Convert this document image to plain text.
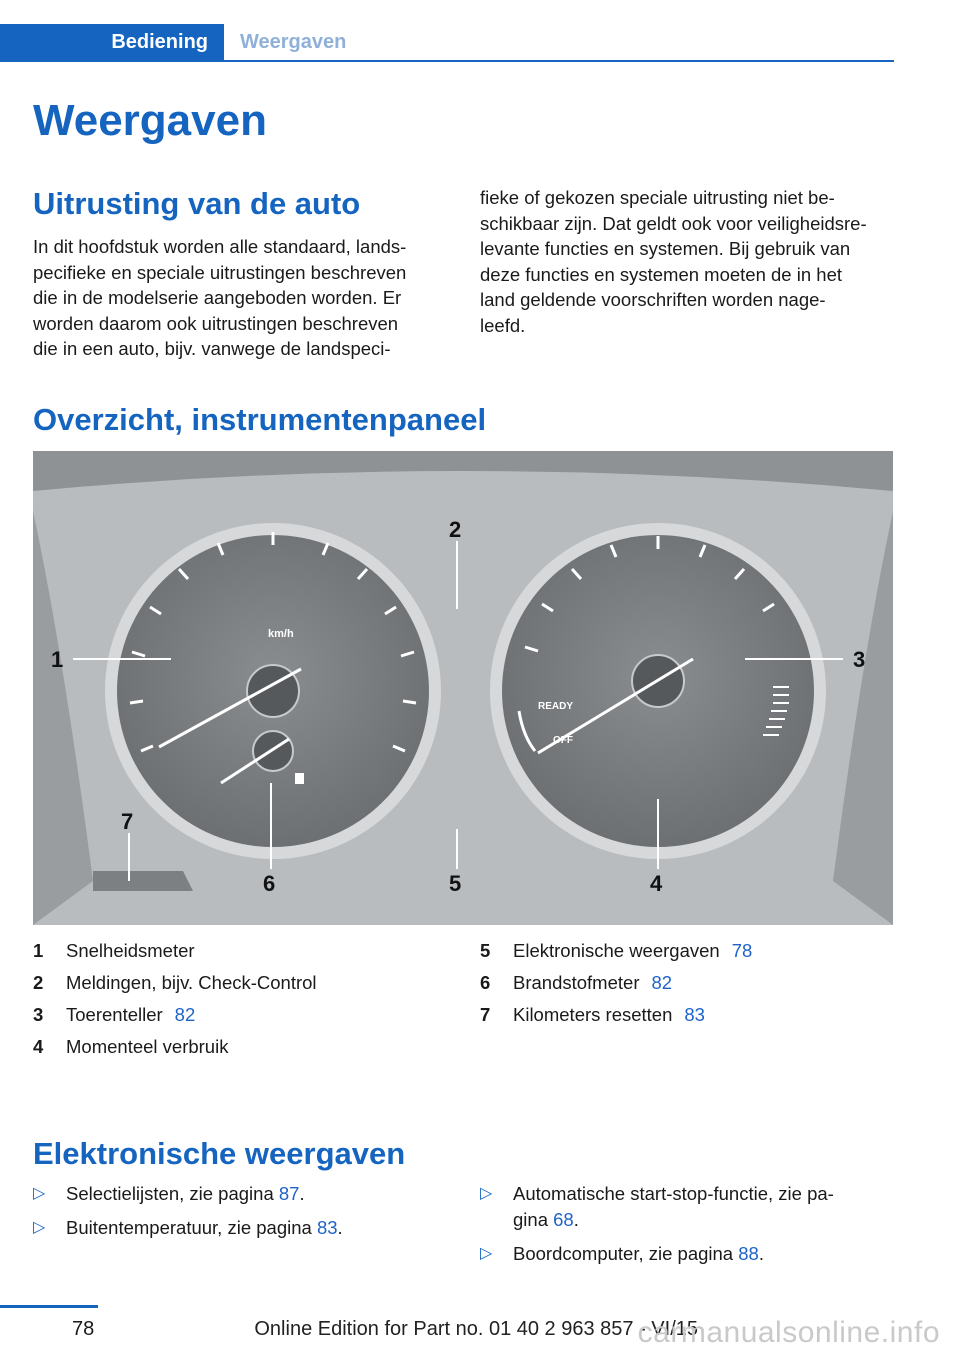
Bediening	Weergaven
Weergaven
Uitrusting van de auto
In dit hoofdstuk worden alle standaard, lands‐
pecifieke en speciale uitrustingen beschreven
die in de modelserie aangeboden worden. Er
worden daarom ook uitrustingen beschreven
die in een auto, bijv. vanwege de landspeci‐
fieke of gekozen speciale uitrusting niet be‐
schikbaar zijn. Dat geldt ook voor veiligheidsre‐
levante functies en systemen. Bij gebruik van
deze functies en systemen moeten de in het
land geldende voorschriften worden nage‐
leefd.
Overzicht, instrumentenpaneel
km/h
READY
OFF
1
2
3
4
5
6
7
1	Snelheidsmeter
2	Meldingen, bijv. Check-Control
3	Toerenteller 82
4	Momenteel verbruik
5	Elektronische weergaven 78
6	Brandstofmeter 82
7	Kilometers resetten 83
Elektronische weergaven
▷	Selectielijsten, zie pagina 87.
▷	Buitentemperatuur, zie pagina 83.
▷	Automatische start-stop-functie, zie pa‐
gina 68.
▷	Boordcomputer, zie pagina 88.
78	Online Edition for Part no. 01 40 2 963 857 - VI/15
carmanualsonline.info
